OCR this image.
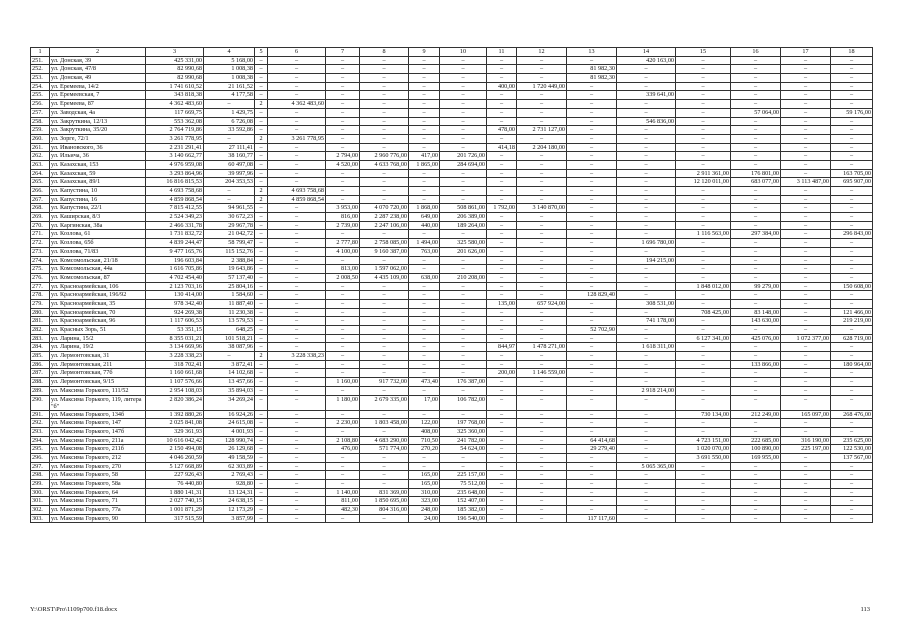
1	2	3	4	5	6	7	8	9	10	11	12	13	14	15	16	17	18
251.	ул. Донская, 39	425 331,00	5 168,00	–	–	–	–	–	–	–	–	–	420 163,00	–	–	–	–
252.	ул. Донская, 47/8	82 990,68	1 008,38	–	–	–	–	–	–	–	–	81 982,30	–	–	–	–	–
253.	ул. Донская, 49	82 990,68	1 008,38	–	–	–	–	–	–	–	–	81 982,30	–	–	–	–	–
254.	ул. Еремеева, 14/2	1 741 610,52	21 161,52	–	–	–	–	–	–	400,00	1 720 449,00	–	–	–	–	–	–
255.	ул. Еремеевская, 7	343 818,38	4 177,58	–	–	–	–	–	–	–	–	–	339 641,00	–	–	–	–
256.	ул. Еремеева, 87	4 362 483,60	–	2	4 362 483,60	–	–	–	–	–	–	–	–	–	–	–	–
257.	ул. Заводская, 4а	117 669,75	1 429,75	–	–	–	–	–	–	–	–	–	–	–	57 064,00	–	59 176,00
258.	ул. Закруткина, 12/13	553 362,08	6 726,08	–	–	–	–	–	–	–	–	–	546 836,00	–	–	–	–
259.	ул. Закруткина, 35/20	2 764 719,86	33 592,86	–	–	–	–	–	–	478,00	2 731 127,00	–	–	–	–	–	–
260.	ул. Зорге, 72/1	3 261 778,95	–	2	3 261 778,95	–	–	–	–	–	–	–	–	–	–	–	–
261.	ул. Ивановского, 36	2 231 291,41	27 111,41	–	–	–	–	–	–	414,18	2 204 180,00	–	–	–	–	–	–
262.	ул. Ильича, 36	3 140 662,77	38 160,77	–	–	2 794,00	2 960 776,00	417,00	201 726,00	–	–	–	–	–	–	–	–
263.	ул. Казахская, 153	4 976 959,08	60 497,08	–	–	4 520,00	4 633 768,00	1 865,00	284 694,00	–	–	–	–	–	–	–	–
264.	ул. Казахская, 59	3 293 864,96	39 997,96	–	–	–	–	–	–	–	–	–	–	2 911 361,00	176 801,00	–	163 705,00
265.	ул. Казахская, 89/1	16 816 815,53	204 353,53	–	–	–	–	–	–	–	–	–	–	12 120 011,00	683 077,00	3 113 487,00	695 907,00
266.	ул. Капустина, 10	4 693 758,68	–	2	4 693 758,68	–	–	–	–	–	–	–	–	–	–	–	–
267.	ул. Капустина, 16	4 859 868,54	–	2	4 859 868,54	–	–	–	–	–	–	–	–	–	–	–	–
268.	ул. Капустина, 22/1	7 815 412,55	94 961,55	–	–	3 953,00	4 070 720,00	1 868,00	508 861,00	1 792,00	3 140 870,00	–	–	–	–	–	–
269.	ул. Каширская, 8/3	2 524 349,23	30 672,23	–	–	816,00	2 287 238,00	649,00	206 389,00	–	–	–	–	–	–	–	–
270.	ул. Каргинская, 38а	2 466 331,78	29 967,78	–	–	2 739,00	2 247 106,00	440,00	189 264,00	–	–	–	–	–	–	–	–
271.	ул. Козлова, 61	1 731 832,72	21 042,72	–	–	–	–	–	–	–	–	–	–	1 116 563,00	297 384,00	–	296 843,00
272.	ул. Козлова, 65б	4 839 244,47	58 799,47	–	–	2 777,80	2 758 085,00	1 494,00	325 580,00	–	–	–	1 696 780,00	–	–	–	–
273.	ул. Козлова, 71/83	9 477 165,76	115 152,76	–	–	4 100,00	9 160 387,00	763,00	201 626,00	–	–	–	–	–	–	–	–
274.	ул. Комсомольская, 21/18	196 603,84	2 388,84	–	–	–	–	–	–	–	–	–	194 215,00	–	–	–	–
275.	ул. Комсомольская, 44а	1 616 705,86	19 643,86	–	–	813,00	1 597 062,00	–	–	–	–	–	–	–	–	–	–
276.	ул. Комсомольская, 87	4 702 454,40	57 137,40	–	–	2 008,50	4 435 109,00	638,00	210 208,00	–	–	–	–	–	–	–	–
277.	ул. Красноармейская, 106	2 123 703,16	25 804,16	–	–	–	–	–	–	–	–	–	–	1 848 012,00	99 279,00	–	150 608,00
278.	ул. Красноармейская, 196/92	130 414,00	1 584,60	–	–	–	–	–	–	–	–	128 829,40	–	–	–	–	–
279.	ул. Красноармейская, 35	978 342,40	11 887,40	–	–	–	–	–	–	135,00	657 924,00	–	308 531,00	–	–	–	–
280.	ул. Красноармейская, 70	924 269,38	11 230,38	–	–	–	–	–	–	–	–	–	–	708 425,00	83 148,00	–	121 466,00
281.	ул. Красноармейская, 96	1 117 606,53	13 579,53	–	–	–	–	–	–	–	–	–	741 178,00	–	143 630,00	–	219 219,00
282.	ул. Красных Зорь, 51	53 351,15	648,25	–	–	–	–	–	–	–	–	52 702,90	–	–	–	–	–
283.	ул. Ларина, 15/2	8 355 031,21	101 518,21	–	–	–	–	–	–	–	–	–	–	6 127 341,00	425 076,00	1 072 377,00	628 719,00
284.	ул. Ларина, 19/2	3 134 669,96	38 087,96	–	–	–	–	–	–	844,97	1 478 271,00	–	1 618 311,00	–	–	–	–
285.	ул. Лермонтовская, 31	3 228 338,23	–	2	3 228 338,23	–	–	–	–	–	–	–	–	–	–	–	–
286.	ул. Лермонтовская, 211	318 702,41	3 872,41	–	–	–	–	–	–	–	–	–	–	–	133 866,00	–	180 964,00
287.	ул. Лермонтовская, 77б	1 160 661,68	14 102,68	–	–	–	–	–	–	200,00	1 146 559,00	–	–	–	–	–	–
288.	ул. Лермонтовская, 9/15	1 107 576,66	13 457,66	–	–	1 160,00	917 732,00	473,40	176 387,00	–	–	–	–	–	–	–	–
289.	ул. Максима Горького, 111/52	2 954 108,03	35 894,03	–	–	–	–	–	–	–	–	–	2 918 214,00	–	–	–	–
290.	ул. Максима Горького, 119, литера "б"	2 820 386,24	34 269,24	–	–	1 180,00	2 679 335,00	17,00	106 782,00	–	–	–	–	–	–	–	–
291.	ул. Максима Горького, 134б	1 392 880,26	16 924,26	–	–	–	–	–	–	–	–	–	–	730 134,00	212 249,00	165 097,00	268 476,00
292.	ул. Максима Горького, 147	2 025 841,08	24 615,08	–	–	2 230,00	1 803 458,00	122,00	197 768,00	–	–	–	–	–	–	–	–
293.	ул. Максима Горького, 147б	329 361,93	4 001,93	–	–	–	–	408,00	325 360,00	–	–	–	–	–	–	–	–
294.	ул. Максима Горького, 211а	10 616 042,42	128 990,74	–	–	2 108,80	4 683 290,00	710,50	241 782,00	–	–	64 414,68	–	4 723 151,00	222 685,00	316 190,00	235 625,00
295.	ул. Максима Горького, 211б	2 150 494,08	26 129,68	–	–	476,00	571 774,00	270,20	54 624,00	–	–	29 279,40	–	1 020 070,00	100 890,00	225 197,00	122 530,00
296.	ул. Максима Горького, 212	4 046 260,59	49 158,59	–	–	–	–	–	–	–	–	–	–	3 691 550,00	169 955,00	–	137 567,00
297.	ул. Максима Горького, 270	5 127 668,89	62 303,89	–	–	–	–	–	–	–	–	–	5 065 365,00	–	–	–	–
298.	ул. Максима Горького, 58	227 926,43	2 769,43	–	–	–	–	165,00	225 157,00	–	–	–	–	–	–	–	–
299.	ул. Максима Горького, 58а	76 440,80	928,80	–	–	–	–	165,00	75 512,00	–	–	–	–	–	–	–	–
300.	ул. Максима Горького, 64	1 880 141,31	13 124,31	–	–	1 140,00	831 369,00	310,00	235 648,00	–	–	–	–	–	–	–	–
301.	ул. Максима Горького, 71	2 027 740,15	24 638,15	–	–	811,00	1 850 695,00	323,00	152 407,00	–	–	–	–	–	–	–	–
302.	ул. Максима Горького, 77а	1 001 871,29	12 173,29	–	–	482,30	804 316,00	248,00	185 382,00	–	–	–	–	–	–	–	–
303.	ул. Максима Горького, 90	317 515,59	3 857,99	–	–	–	–	24,00	196 540,00	–	–	117 117,60	–	–	–	–	–
Y:\ORST\Pro\1109p700.f18.docx	113
